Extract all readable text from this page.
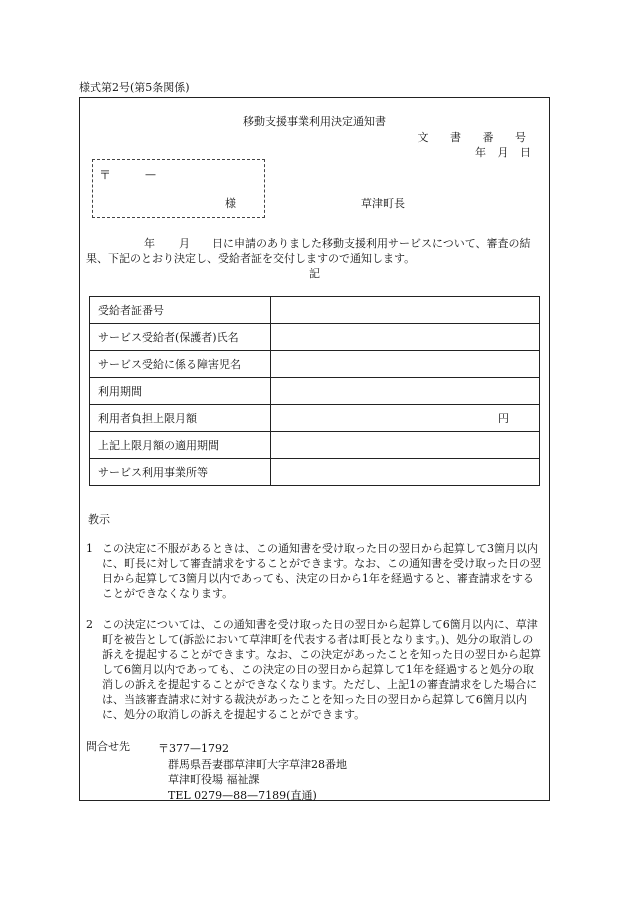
様式第2号(第5条関係)
移動支援事業利用決定通知書
文 書 番 号
年 月 日
〒	—
様	草津町長
年 月 日に申請のありました移動支援利用サービスについて、審査の結果、下記のとおり決定し、受給者証を交付しますので通知します。
記
受給者証番号	
サービス受給者(保護者)氏名	
サービス受給に係る障害児名	
利用期間	
利用者負担上限月額	円
上記上限月額の適用期間	
サービス利用事業所等	
教示
1 この決定に不服があるときは、この通知書を受け取った日の翌日から起算して3箇月以内に、町長に対して審査請求をすることができます。なお、この通知書を受け取った日の翌日から起算して3箇月以内であっても、決定の日から1年を経過すると、審査請求をすることができなくなります。
2 この決定については、この通知書を受け取った日の翌日から起算して6箇月以内に、草津町を被告として(訴訟において草津町を代表する者は町長となります。)、処分の取消しの訴えを提起することができます。なお、この決定があったことを知った日の翌日から起算して6箇月以内であっても、この決定の日の翌日から起算して1年を経過すると処分の取消しの訴えを提起することができなくなります。ただし、上記1の審査請求をした場合には、当該審査請求に対する裁決があったことを知った日の翌日から起算して6箇月以内に、処分の取消しの訴えを提起することができます。
問合せ先	〒377—1792
群馬県吾妻郡草津町大字草津28番地
草津町役場 福祉課
TEL 0279—88—7189(直通)
